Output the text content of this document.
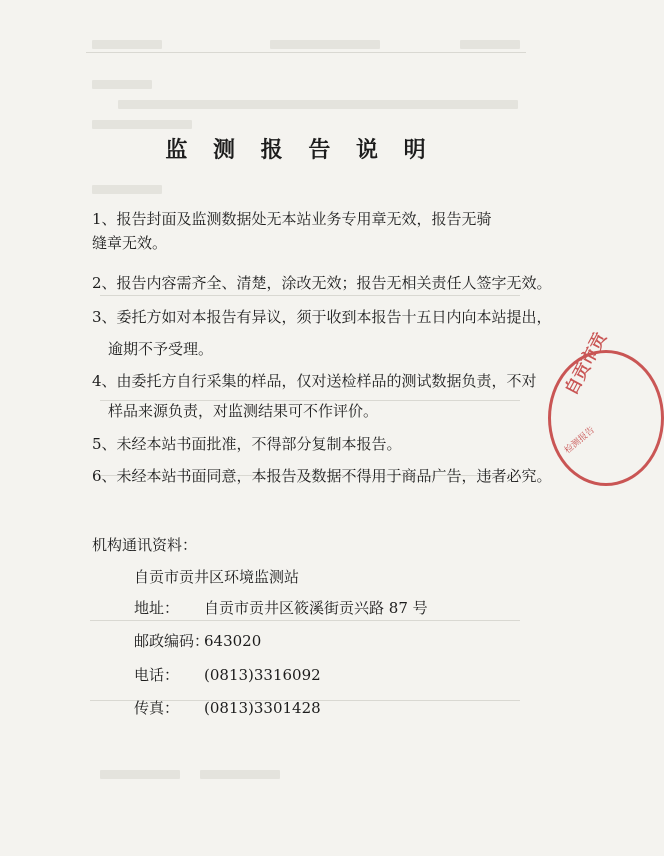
监 测 报 告 说 明
1、报告封面及监测数据处无本站业务专用章无效，报告无骑
缝章无效。
2、报告内容需齐全、清楚，涂改无效；报告无相关责任人签字无效。
3、委托方如对本报告有异议，须于收到本报告十五日内向本站提出，
逾期不予受理。
4、由委托方自行采集的样品，仅对送检样品的测试数据负责，不对
样品来源负责，对监测结果可不作评价。
5、未经本站书面批准，不得部分复制本报告。
6、未经本站书面同意，本报告及数据不得用于商品广告，违者必究。
机构通讯资料：
自贡市贡井区环境监测站
地址： 自贡市贡井区筱溪街贡兴路 87 号
邮政编码：643020
电话： (0813)3316092
传真： (0813)3301428
自贡市贡
检测报告
